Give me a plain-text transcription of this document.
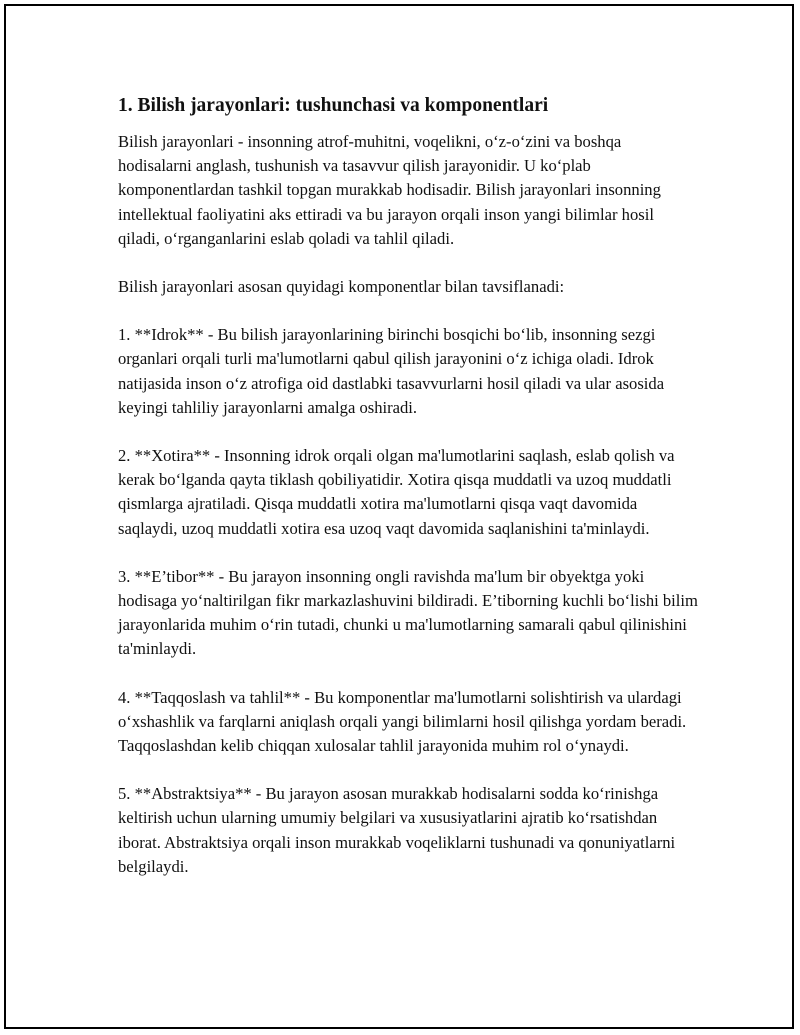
1. Bilish jarayonlari: tushunchasi va komponentlari

Bilish jarayonlari - insonning atrof-muhitni, voqelikni, o‘z-o‘zini va boshqa hodisalarni anglash, tushunish va tasavvur qilish jarayonidir. U ko‘plab komponentlardan tashkil topgan murakkab hodisadir. Bilish jarayonlari insonning intellektual faoliyatini aks ettiradi va bu jarayon orqali inson yangi bilimlar hosil qiladi, o‘rganganlarini eslab qoladi va tahlil qiladi.

Bilish jarayonlari asosan quyidagi komponentlar bilan tavsiflanadi:

1. **Idrok** - Bu bilish jarayonlarining birinchi bosqichi bo‘lib, insonning sezgi organlari orqali turli ma'lumotlarni qabul qilish jarayonini o‘z ichiga oladi. Idrok natijasida inson o‘z atrofiga oid dastlabki tasavvurlarni hosil qiladi va ular asosida keyingi tahliliy jarayonlarni amalga oshiradi.

2. **Xotira** - Insonning idrok orqali olgan ma'lumotlarini saqlash, eslab qolish va kerak bo‘lganda qayta tiklash qobiliyatidir. Xotira qisqa muddatli va uzoq muddatli qismlarga ajratiladi. Qisqa muddatli xotira ma'lumotlarni qisqa vaqt davomida saqlaydi, uzoq muddatli xotira esa uzoq vaqt davomida saqlanishini ta'minlaydi.

3. **E’tibor** - Bu jarayon insonning ongli ravishda ma'lum bir obyektga yoki hodisaga yo‘naltirilgan fikr markazlashuvini bildiradi. E’tiborning kuchli bo‘lishi bilim jarayonlarida muhim o‘rin tutadi, chunki u ma'lumotlarning samarali qabul qilinishini ta'minlaydi.

4. **Taqqoslash va tahlil** - Bu komponentlar ma'lumotlarni solishtirish va ulardagi o‘xshashlik va farqlarni aniqlash orqali yangi bilimlarni hosil qilishga yordam beradi. Taqqoslashdan kelib chiqqan xulosalar tahlil jarayonida muhim rol o‘ynaydi.

5. **Abstraktsiya** - Bu jarayon asosan murakkab hodisalarni sodda ko‘rinishga keltirish uchun ularning umumiy belgilari va xususiyatlarini ajratib ko‘rsatishdan iborat. Abstraktsiya orqali inson murakkab voqeliklarni tushunadi va qonuniyatlarni belgilaydi.
